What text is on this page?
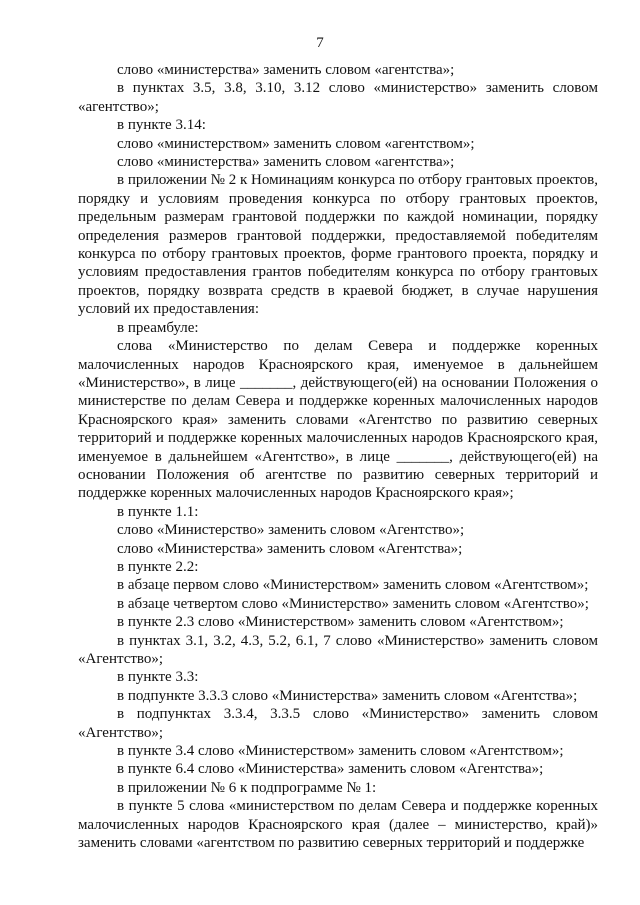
7

слово «министерства» заменить словом «агентства»;

в пунктах 3.5, 3.8, 3.10, 3.12 слово «министерство» заменить словом «агентство»;

в пункте 3.14:

слово «министерством» заменить словом «агентством»;

слово «министерства» заменить словом «агентства»;

в приложении № 2 к Номинациям конкурса по отбору грантовых проектов, порядку и условиям проведения конкурса по отбору грантовых проектов, предельным размерам грантовой поддержки по каждой номинации, порядку определения размеров грантовой поддержки, предоставляемой победителям конкурса по отбору грантовых проектов, форме грантового проекта, порядку и условиям предоставления грантов победителям конкурса по отбору грантовых проектов, порядку возврата средств в краевой бюджет, в случае нарушения условий их предоставления:

в преамбуле:

слова «Министерство по делам Севера и поддержке коренных малочисленных народов Красноярского края, именуемое в дальнейшем «Министерство», в лице _______, действующего(ей) на основании Положения о министерстве по делам Севера и поддержке коренных малочисленных народов Красноярского края» заменить словами «Агентство по развитию северных территорий и поддержке коренных малочисленных народов Красноярского края, именуемое в дальнейшем «Агентство», в лице _______, действующего(ей) на основании Положения об агентстве по развитию северных территорий и поддержке коренных малочисленных народов Красноярского края»;

в пункте 1.1:

слово «Министерство» заменить словом «Агентство»;

слово «Министерства» заменить словом «Агентства»;

в пункте 2.2:

в абзаце первом слово «Министерством» заменить словом «Агентством»;

в абзаце четвертом слово «Министерство» заменить словом «Агентство»;

в пункте 2.3 слово «Министерством» заменить словом «Агентством»;

в пунктах 3.1, 3.2, 4.3, 5.2, 6.1, 7 слово «Министерство» заменить словом «Агентство»;

в пункте 3.3:

в подпункте 3.3.3 слово «Министерства» заменить словом «Агентства»;

в подпунктах 3.3.4, 3.3.5 слово «Министерство» заменить словом «Агентство»;

в пункте 3.4 слово «Министерством» заменить словом «Агентством»;

в пункте 6.4 слово «Министерства» заменить словом «Агентства»;

в приложении № 6 к подпрограмме № 1:

в пункте 5 слова «министерством по делам Севера и поддержке коренных малочисленных народов Красноярского края (далее – министерство, край)» заменить словами «агентством по развитию северных территорий и поддержке
